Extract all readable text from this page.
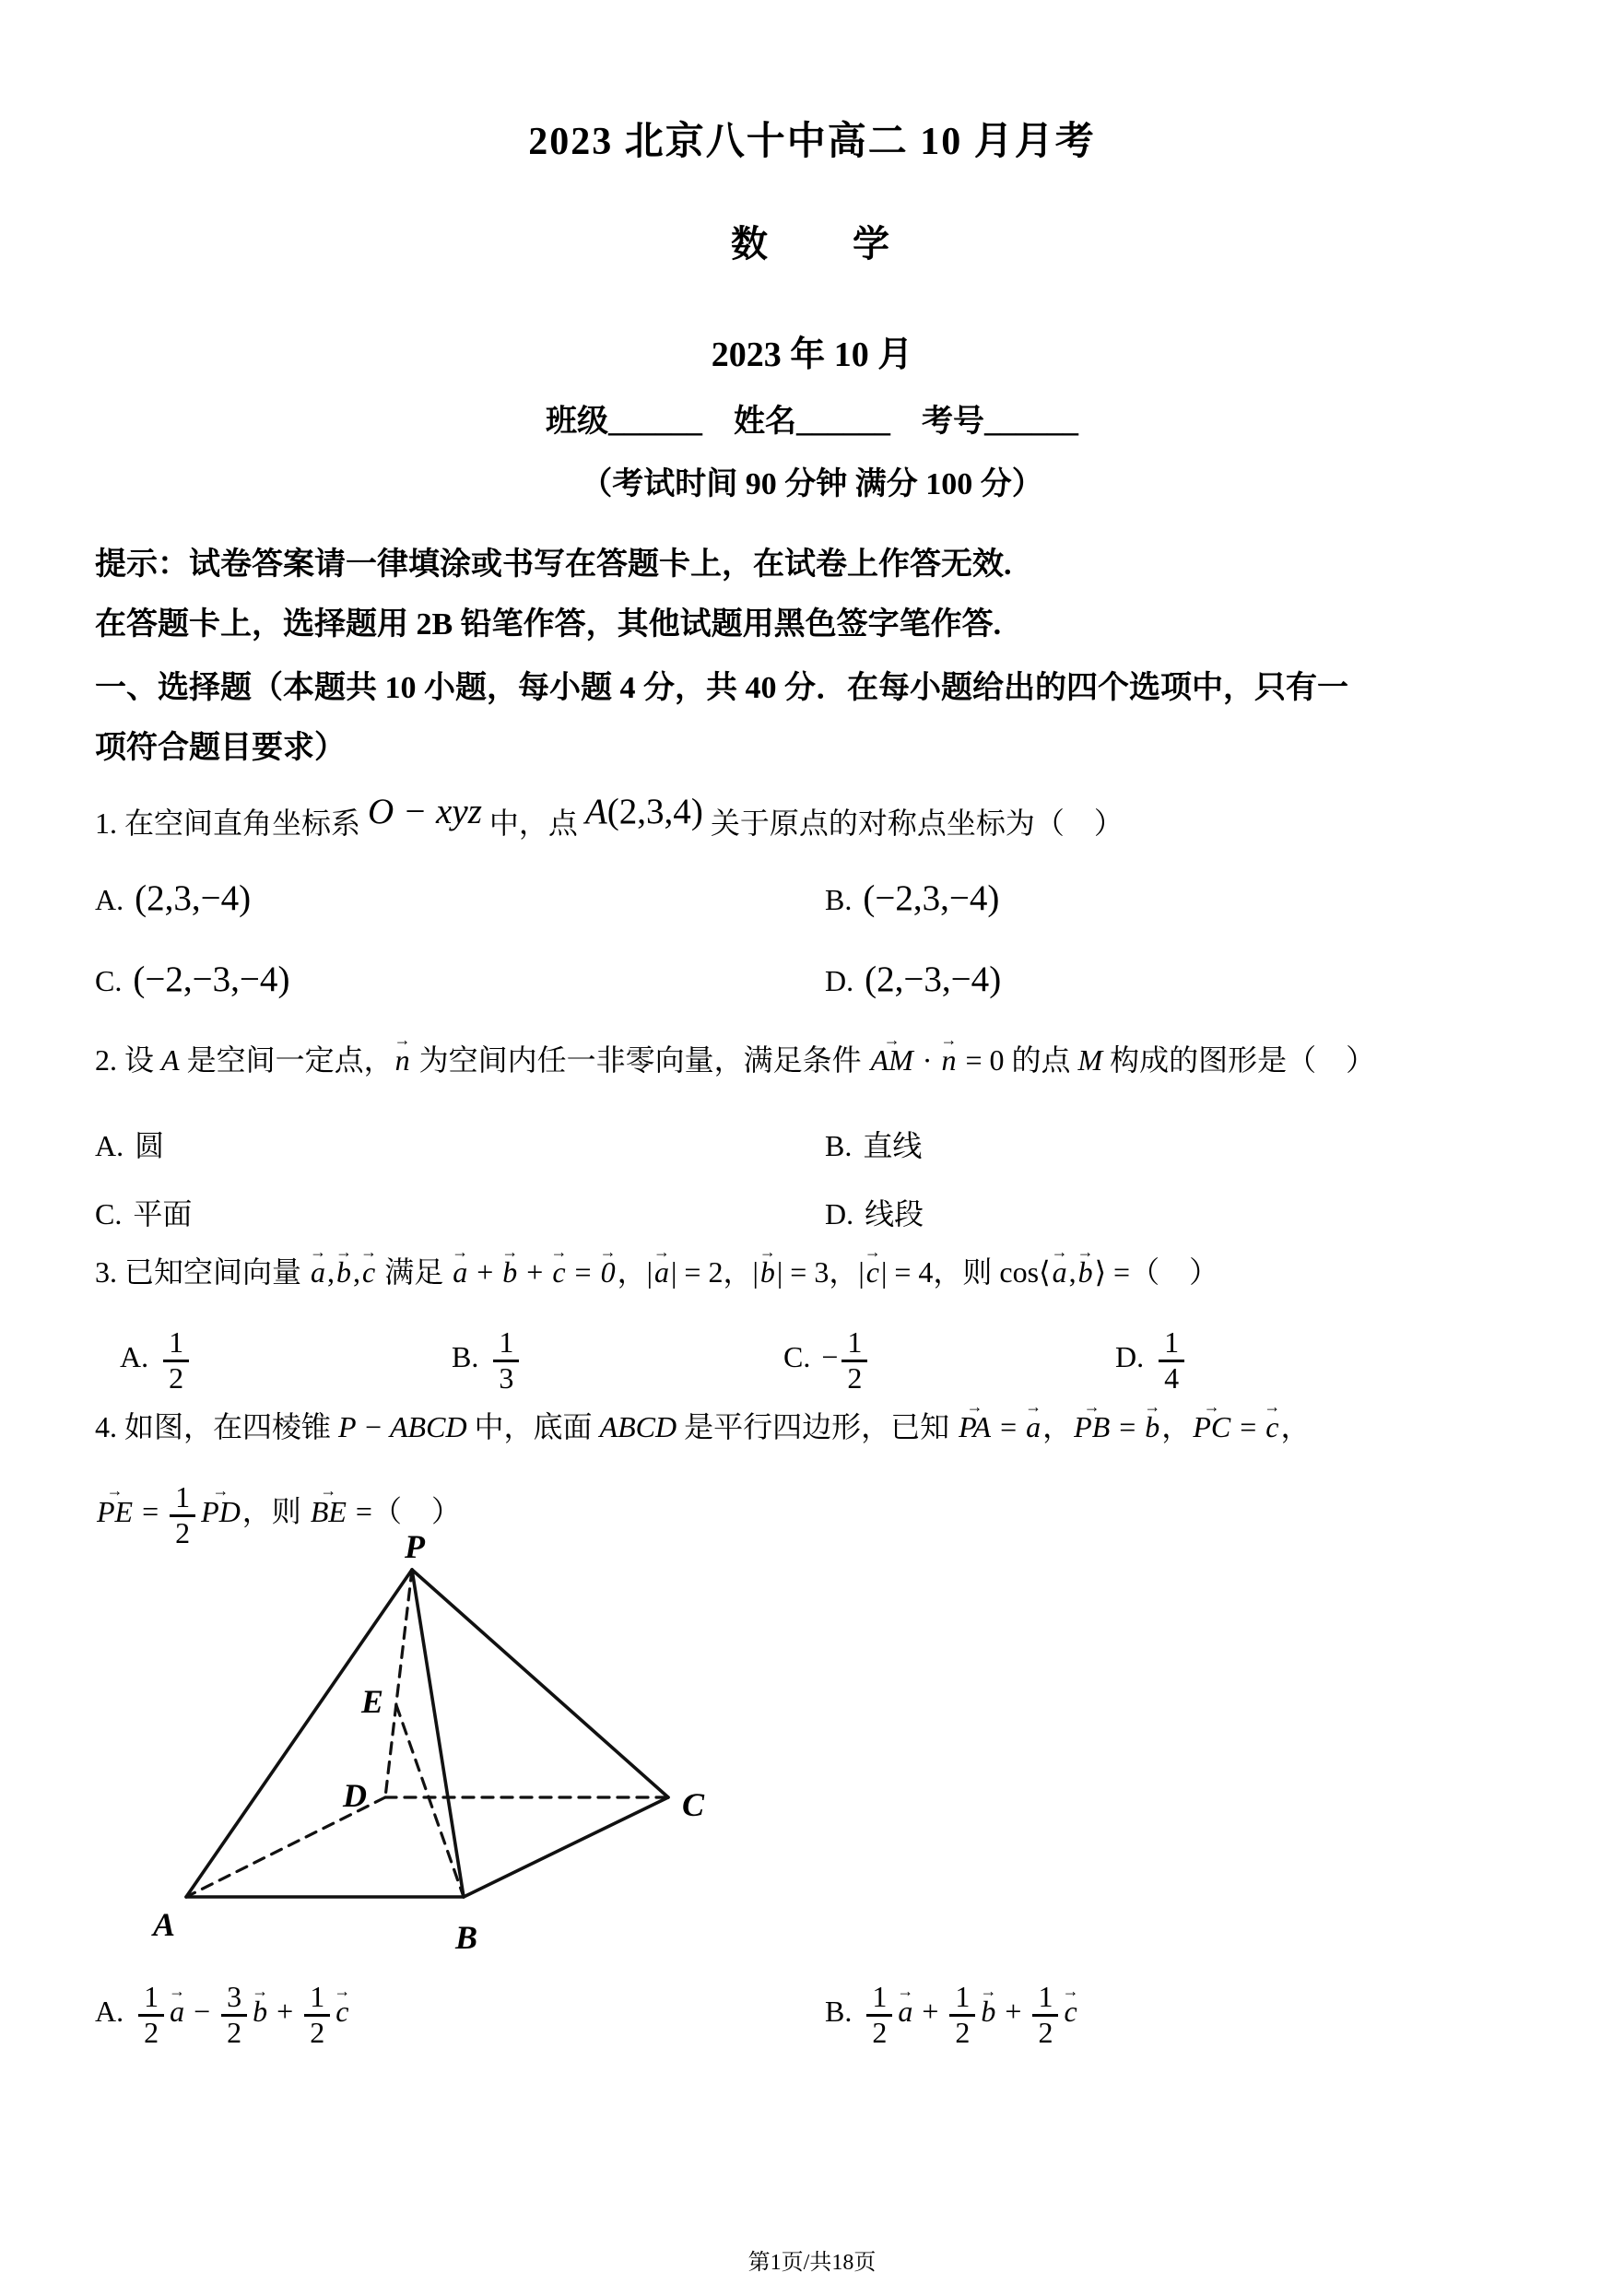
2023 北京八十中高二 10 月月考
数　　学
2023 年 10 月
班级______　姓名______　考号______
（考试时间 90 分钟 满分 100 分）
提示：试卷答案请一律填涂或书写在答题卡上，在试卷上作答无效.
在答题卡上，选择题用 2B 铅笔作答，其他试题用黑色签字笔作答.
一、选择题（本题共 10 小题，每小题 4 分，共 40 分．在每小题给出的四个选项中，只有一
项符合题目要求）
1. 在空间直角坐标系 O − xyz 中，点 A(2,3,4) 关于原点的对称点坐标为（　）
A. (2,3,−4)	B. (−2,3,−4)
C. (−2,−3,−4)	D. (2,−3,−4)
2. 设 A 是空间一定点，→ n 为空间内任一非零向量，满足条件 → AM · → n = 0 的点 M 构成的图形是（　）
A. 圆	B. 直线
C. 平面	D. 线段
3. 已知空间向量 → a,→ b,→ c 满足 → a + → b + → c = → 0，|→ a| = 2，|→ b| = 3，|→ c| = 4，则 cos⟨→ a,→ b⟩ =（　）
A. $\frac{1}{2}$	B. $\frac{1}{3}$	C. − $\frac{1}{2}$	D. $\frac{1}{4}$
4. 如图，在四棱锥 P − ABCD 中，底面 ABCD 是平行四边形，已知 → PA = → a，→ PB = → b，→ PC = → c，
→ PE = $\frac{1}{2}$ → PD，则 → BE =（　）
P
E
D	C
A	B
A. $\frac{1}{2} \to a - \frac{3}{2} \to b + \frac{1}{2} \to c$	B. $\frac{1}{2} \to a + \frac{1}{2} \to b + \frac{1}{2} \to c$
第1页/共18页
